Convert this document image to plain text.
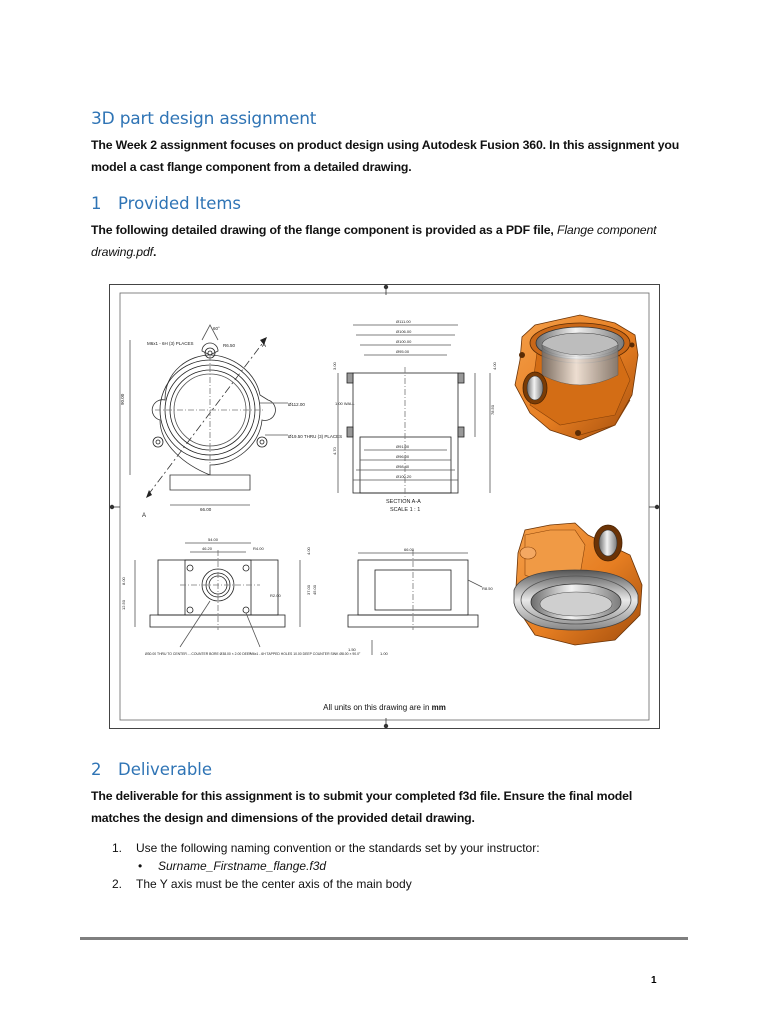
3D part design assignment

The Week 2 assignment focuses on product design using Autodesk Fusion 360. In this assignment you model a cast flange component from a detailed drawing.

1 Provided Items

The following detailed drawing of the flange component is provided as a PDF file, Flange component drawing.pdf.

M6x1 - 6H (3) PLACES
60°
R6.50
Ø112.00
Ø19.50 THRU (3) PLACES
66.00
90.00
A
A
Ø111.00
Ø106.00
Ø100.00
Ø95.00
Ø91.00
Ø96.00
Ø98.40
Ø100.20
1.00 WALL
3.00	4.00
4.70
78.50
SECTION A-A
SCALE 1 : 1
54.00
46.20	R4.00
R2.00
37.00 45.00
4.00
8.00
12.50
Ø30.00 THRU TO CENTER ⌴ COUNTER BORE Ø38.00 × 2.00 DEEP
M6x1 - 6H TAPPED HOLES 10.00 DEEP COUNTER SINK Ø8.00 × 90.0°
66.00
R8.50
1.50
1.00
All units on this drawing are in mm
2 Deliverable

The deliverable for this assignment is to submit your completed f3d file. Ensure the final model matches the design and dimensions of the provided detail drawing.

1. Use the following naming convention or the standards set by your instructor:
• Surname_Firstname_flange.f3d
2. The Y axis must be the center axis of the main body
1
